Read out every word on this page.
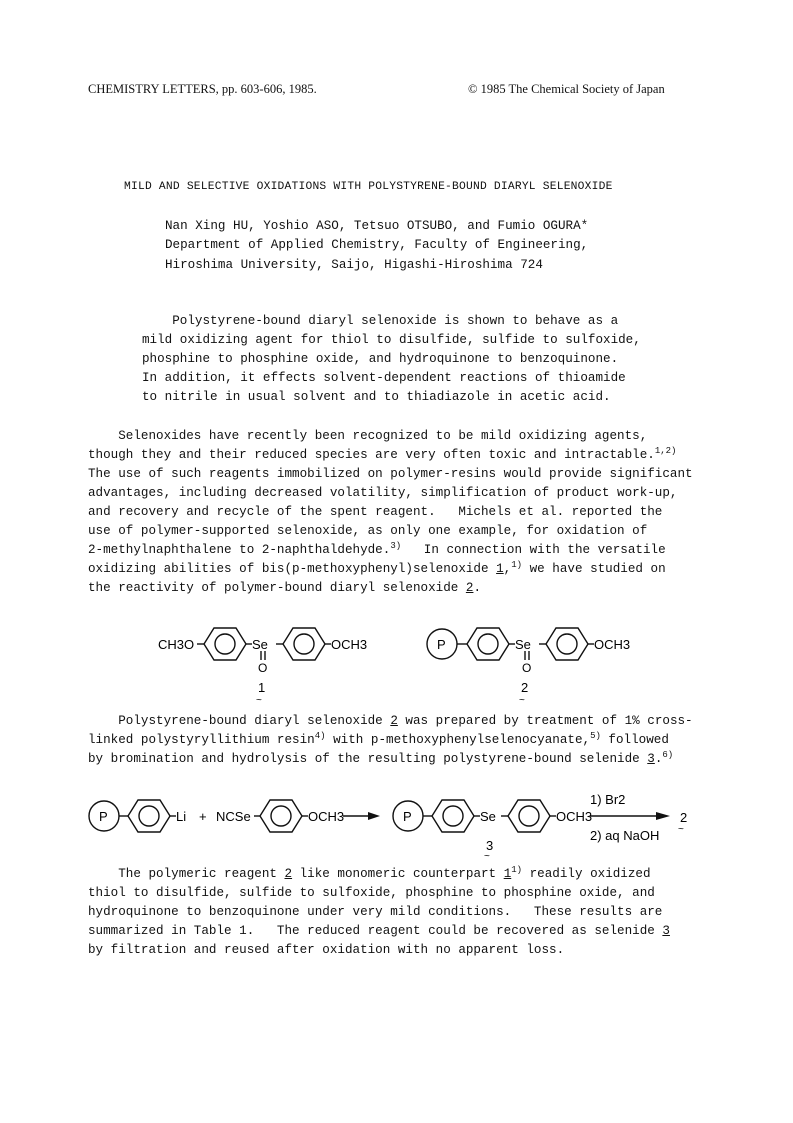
CHEMISTRY LETTERS, pp. 603-606, 1985.	© 1985 The Chemical Society of Japan
MILD AND SELECTIVE OXIDATIONS WITH POLYSTYRENE-BOUND DIARYL SELENOXIDE
Nan Xing HU, Yoshio ASO, Tetsuo OTSUBO, and Fumio OGURA*
Department of Applied Chemistry, Faculty of Engineering,
Hiroshima University, Saijo, Higashi-Hiroshima 724
Polystyrene-bound diaryl selenoxide is shown to behave as a
mild oxidizing agent for thiol to disulfide, sulfide to sulfoxide,
phosphine to phosphine oxide, and hydroquinone to benzoquinone.
In addition, it effects solvent-dependent reactions of thioamide
to nitrile in usual solvent and to thiadiazole in acetic acid.
Selenoxides have recently been recognized to be mild oxidizing agents,
though they and their reduced species are very often toxic and intractable.$^{1,2)}$
The use of such reagents immobilized on polymer-resins would provide significant
advantages, including decreased volatility, simplification of product work-up,
and recovery and recycle of the spent reagent.   Michels et al. reported the
use of polymer-supported selenoxide, as only one example, for oxidation of
2-methylnaphthalene to 2-naphthaldehyde.$^{3)}$   In connection with the versatile
oxidizing abilities of bis(p-methoxyphenyl)selenoxide 1,$^{1)}$ we have studied on
the reactivity of polymer-bound diaryl selenoxide 2.
CH3O	Se
O
OCH3	P	Se
O
OCH3
1	2
~	~
Polystyrene-bound diaryl selenoxide 2 was prepared by treatment of 1% cross-
linked polystyryllithium resin$^{4)}$ with p-methoxyphenylselenocyanate,$^{5)}$ followed
by bromination and hydrolysis of the resulting polystyrene-bound selenide 3.$^{6)}$
P	Li + NCSe	OCH3	P	Se	OCH3
1) Br2
2) aq NaOH
2
~
3
~
The polymeric reagent 2 like monomeric counterpart 1$^{1)}$ readily oxidized
thiol to disulfide, sulfide to sulfoxide, phosphine to phosphine oxide, and
hydroquinone to benzoquinone under very mild conditions.   These results are
summarized in Table 1.   The reduced reagent could be recovered as selenide 3
by filtration and reused after oxidation with no apparent loss.
